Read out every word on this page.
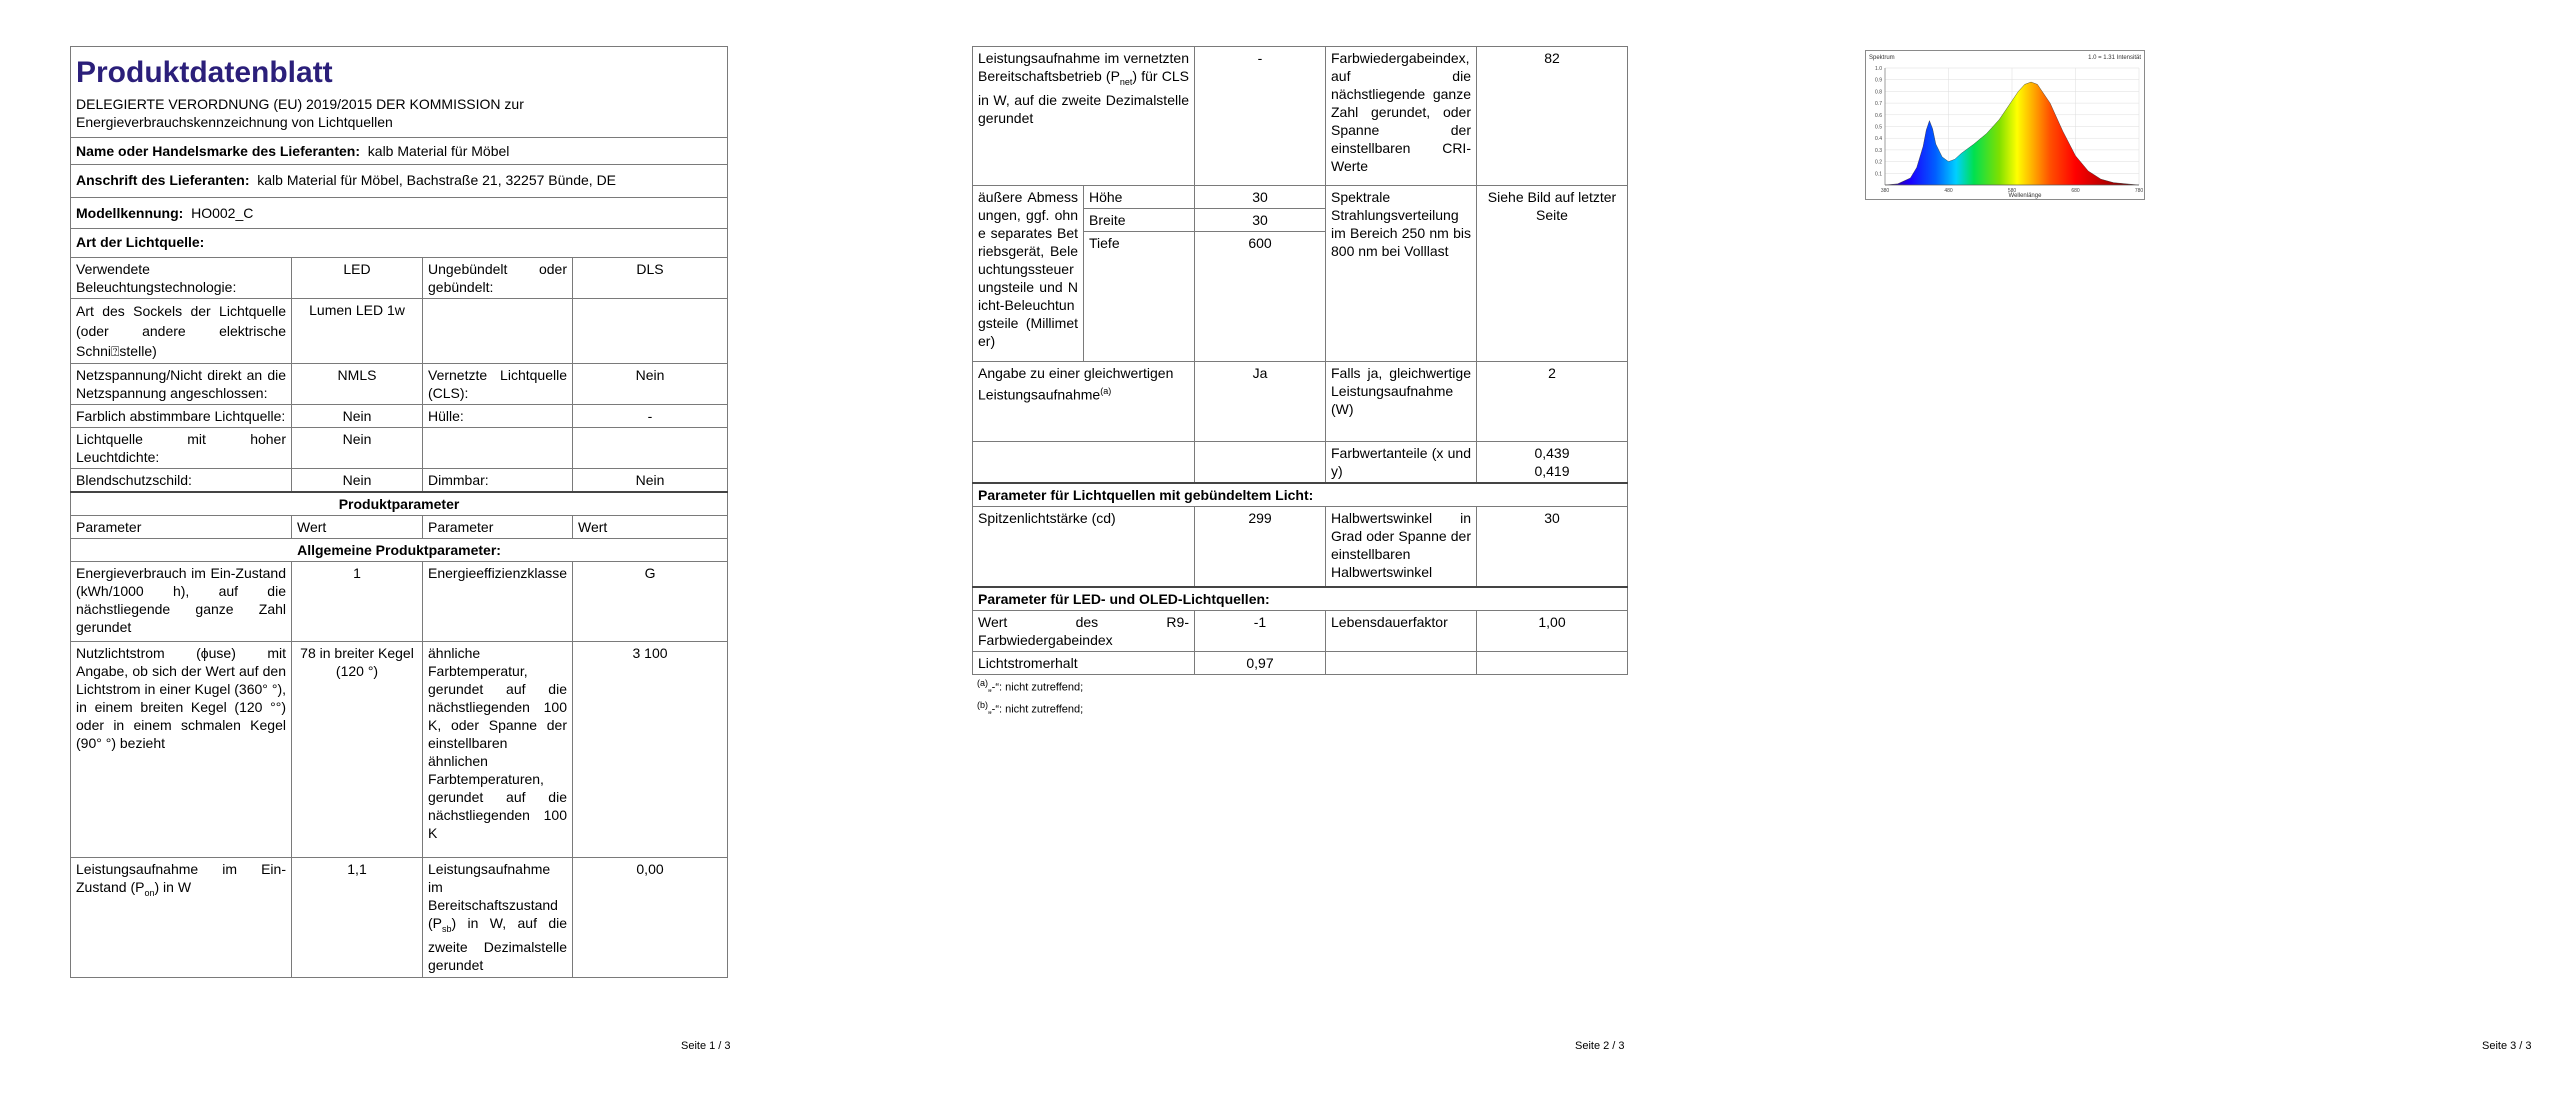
Produktdatenblatt
DELEGIERTE VERORDNUNG (EU) 2019/2015 DER KOMMISSION zur Energieverbrauchskennzeichnung von Lichtquellen			

Name oder Handelsmarke des Lieferanten: kalb Material für Möbel			
Anschrift des Lieferanten: kalb Material für Möbel, Bachstraße 21, 32257 Bünde, DE			
Modellkennung: HO002_C			
Art der Lichtquelle:			
Verwendete Beleuchtungstechnologie:	LED	Ungebündelt oder gebündelt:	DLS
Art des Sockels der Lichtquelle (oder andere elektrische Schni⍰stelle)	Lumen LED 1w		
Netzspannung/Nicht direkt an die Netzspannung angeschlossen:	NMLS	Vernetzte Lichtquelle (CLS):	Nein
Farblich abstimmbare Lichtquelle:	Nein	Hülle:	-
Lichtquelle mit hoher Leuchtdichte:	Nein		
Blendschutzschild:	Nein	Dimmbar:	Nein
Produktparameter			
Parameter	Wert	Parameter	Wert
Allgemeine Produktparameter:			
Energieverbrauch im Ein-Zustand (kWh/1000 h), auf die nächstliegende ganze Zahl gerundet	1	Energieeffizienzklasse	G
Nutzlichtstrom (ϕuse) mit Angabe, ob sich der Wert auf den Lichtstrom in einer Kugel (360° °), in einem breiten Kegel (120 °°) oder in einem schmalen Kegel (90° °) bezieht	78 in breiter Kegel (120 °)	ähnliche Farbtemperatur, gerundet auf die nächstliegenden 100 K, oder Spanne der einstellbaren ähnlichen Farbtemperaturen, gerundet auf die nächstliegenden 100 K	3 100
Leistungsaufnahme im Ein-Zustand $(P_{on})$ in W	1,1	Leistungsaufnahme im Bereitschaftszustand $(P_{sb})$ in W, auf die zweite Dezimalstelle gerundet	0,00
Seite 1 / 3
Leistungsaufnahme im vernetzten Bereitschaftsbetrieb $(P_{net})$ für CLS in W, auf die zweite Dezimalstelle gerundet		-	Farbwiedergabeindex, auf die nächstliegende ganze Zahl gerundet, oder Spanne der einstellbaren CRI-Werte	82
äußere Abmessungen, ggf. ohne separates Betriebsgerät, Beleuchtungssteuerungsteile und Nicht-Beleuchtungsteile (Millimeter)	Höhe	30	Spektrale Strahlungsverteilung im Bereich 250 nm bis 800 nm bei Volllast	Siehe Bild auf letzter Seite
	Breite	30		
	Tiefe	600		
Angabe zu einer gleichwertigen Leistungsaufnahme$^{(a)}$		Ja	Falls ja, gleichwertige Leistungsaufnahme (W)	2
			Farbwertanteile (x und y)	0,439
0,419

Parameter für Lichtquellen mit gebündeltem Licht:				
Spitzenlichtstärke (cd)		299	Halbwertswinkel in Grad oder Spanne der einstellbaren Halbwertswinkel	30
Parameter für LED- und OLED-Lichtquellen:				
Wert des R9-Farbwiedergabeindex		-1	Lebensdauerfaktor	1,00
Lichtstromerhalt		0,97		
$^{(a)}$„-“: nicht zutreffend;
$^{(b)}$„-“: nicht zutreffend;
Seite 2 / 3
Spektrum	1.0 = 1.31 Intensität
Wellenlänge
0.1
0.2
0.3
0.4
0.5
0.6
0.7
0.8
0.9
1.0
380	480	580	680	780
Seite 3 / 3
